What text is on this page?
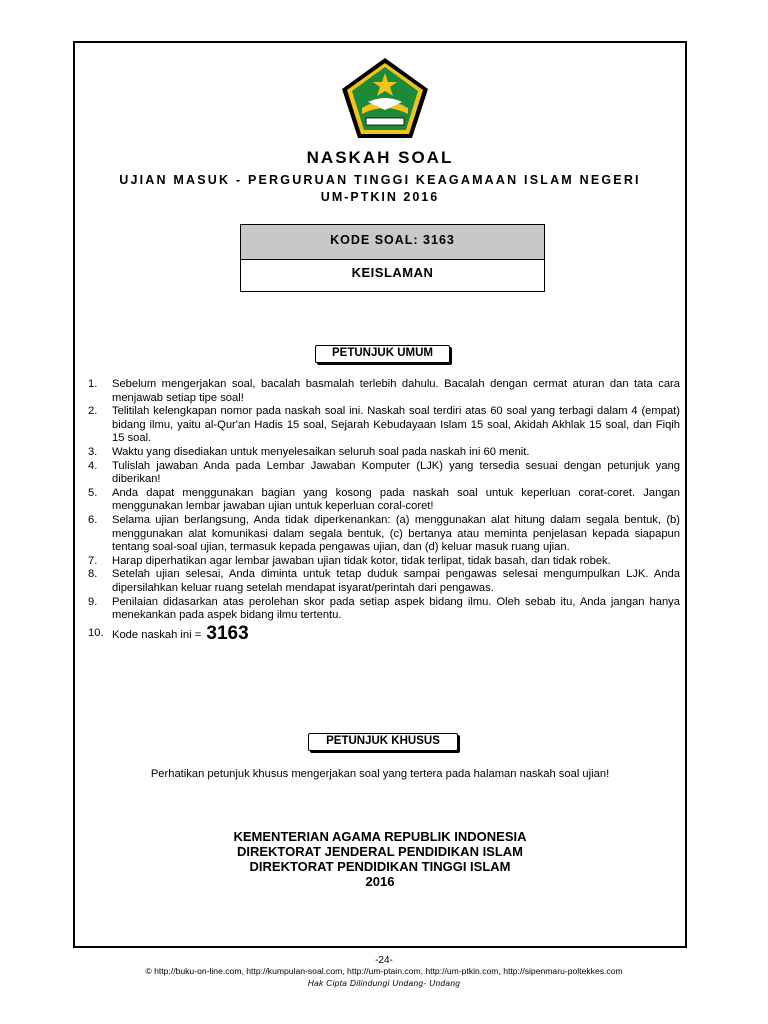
NASKAH SOAL
UJIAN MASUK - PERGURUAN TINGGI KEAGAMAAN ISLAM NEGERI
UM-PTKIN 2016
KODE SOAL: 3163
KEISLAMAN
PETUNJUK UMUM
1.	Sebelum mengerjakan soal, bacalah basmalah terlebih dahulu. Bacalah dengan cermat aturan dan tata cara menjawab setiap tipe soal!
2.	Telitilah kelengkapan nomor pada naskah soal ini. Naskah soal terdiri atas 60 soal yang terbagi dalam 4 (empat) bidang ilmu, yaitu al-Qur'an Hadis 15 soal, Sejarah Kebudayaan Islam 15 soal, Akidah Akhlak 15 soal, dan Fiqih 15 soal.
3.	Waktu yang disediakan untuk menyelesaikan seluruh soal pada naskah ini 60 menit.
4.	Tulislah jawaban Anda pada Lembar Jawaban Komputer (LJK) yang tersedia sesuai dengan petunjuk yang diberikan!
5.	Anda dapat menggunakan bagian yang kosong pada naskah soal untuk keperluan corat-coret. Jangan menggunakan lembar jawaban ujian untuk keperluan coral-coret!
6.	Selama ujian berlangsung, Anda tidak diperkenankan: (a) menggunakan alat hitung dalam segala bentuk, (b) menggunakan alat komunikasi dalam segala bentuk, (c) bertanya atau meminta penjelasan kepada siapapun tentang soal-soal ujian, termasuk kepada pengawas ujian, dan (d) keluar masuk ruang ujian.
7.	Harap diperhatikan agar lembar jawaban ujian tidak kotor, tidak terlipat, tidak basah, dan tidak robek.
8.	Setelah ujian selesai, Anda diminta untuk tetap duduk sampai pengawas selesai mengumpulkan LJK. Anda dipersilahkan keluar ruang setelah mendapat isyarat/perintah dari pengawas.
9.	Penilaian didasarkan atas perolehan skor pada setiap aspek bidang ilmu. Oleh sebab itu, Anda jangan hanya menekankan pada aspek bidang ilmu tertentu.
10. Kode naskah ini = 3163
PETUNJUK KHUSUS
Perhatikan petunjuk khusus mengerjakan soal yang tertera pada halaman naskah soal ujian!
KEMENTERIAN AGAMA REPUBLIK INDONESIA
DIREKTORAT JENDERAL PENDIDIKAN ISLAM
DIREKTORAT PENDIDIKAN TINGGI ISLAM
2016
-24-
© http://buku-on-line.com, http://kumpulan-soal.com, http://um-ptain.com, http://um-ptkin.com, http://sipenmaru-poltekkes.com
Hak Cipta Dilindungi Undang- Undang
